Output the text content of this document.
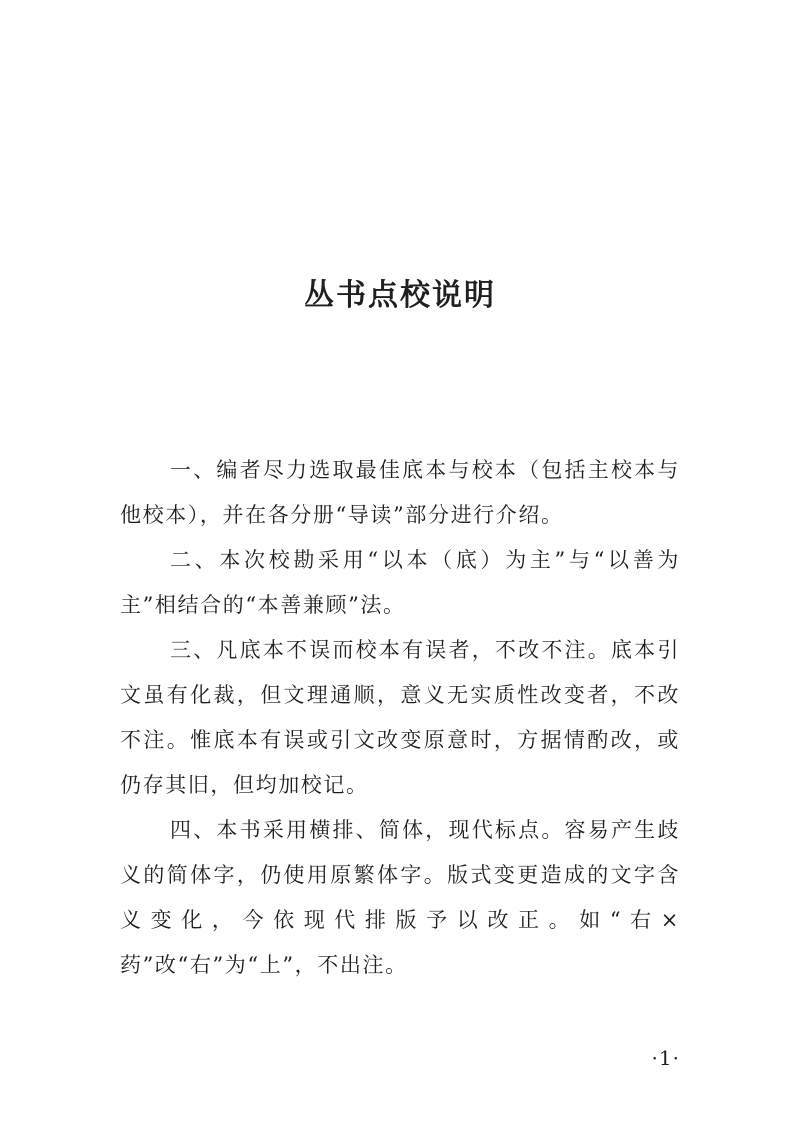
丛书点校说明

一、编者尽力选取最佳底本与校本（包括主校本与他校本），并在各分册“导读”部分进行介绍。

二、本次校勘采用“以本（底）为主”与“以善为主”相结合的“本善兼顾”法。

三、凡底本不误而校本有误者，不改不注。底本引文虽有化裁，但文理通顺，意义无实质性改变者，不改不注。惟底本有误或引文改变原意时，方据情酌改，或仍存其旧，但均加校记。

四、本书采用横排、简体，现代标点。容易产生歧义的简体字，仍使用原繁体字。版式变更造成的文字含义变化，今依现代排版予以改正。如“右×药”改“右”为“上”，不出注。

·1·
